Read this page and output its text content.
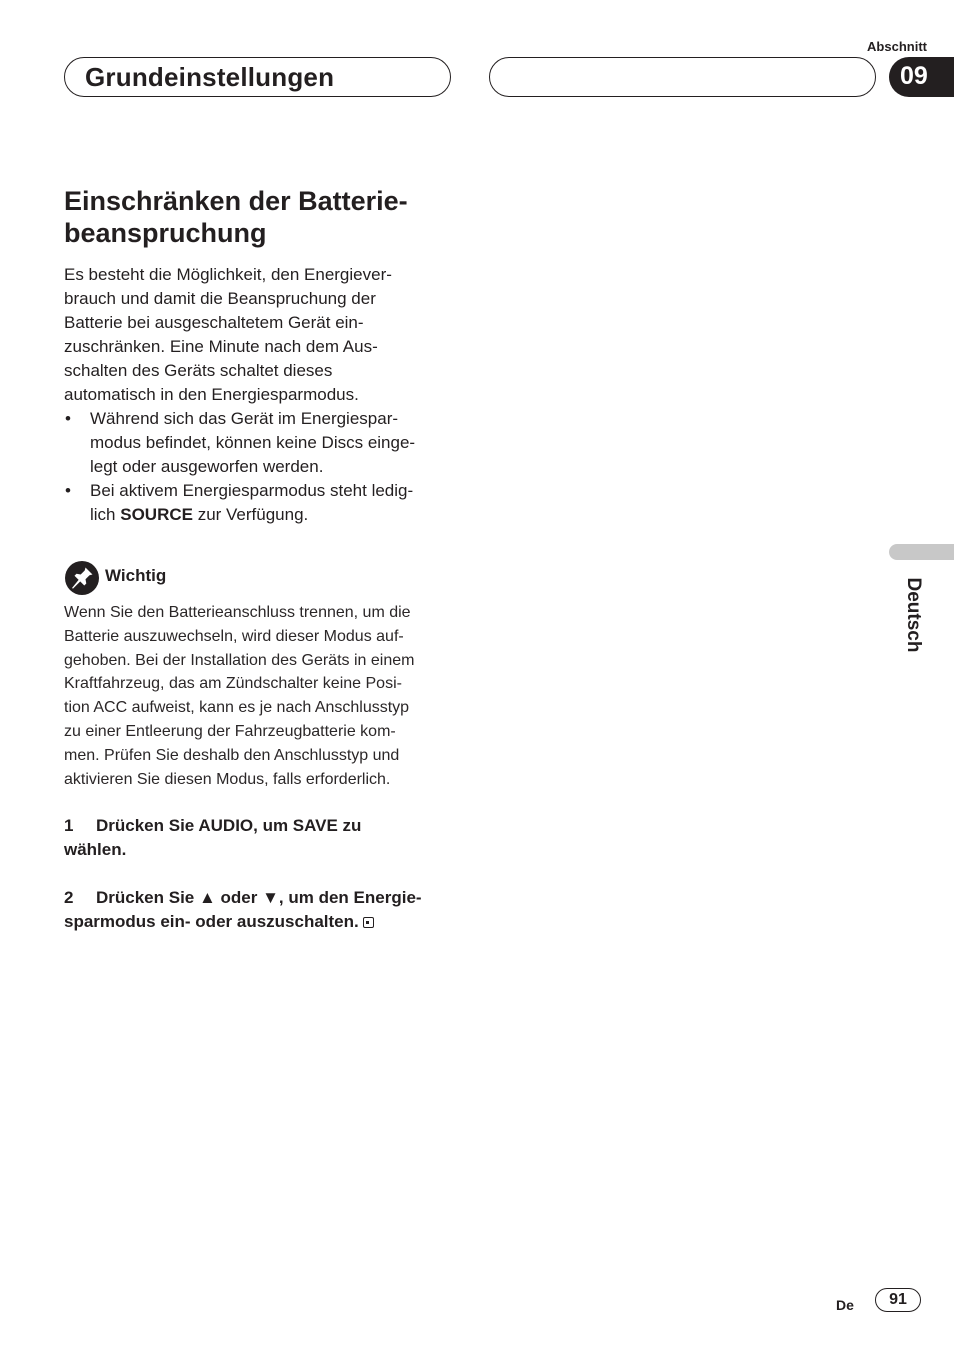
Grundeinstellungen
Abschnitt
09
Deutsch
Einschränken der Batterie-
beanspruchung
Es besteht die Möglichkeit, den Energiever-
brauch und damit die Beanspruchung der
Batterie bei ausgeschaltetem Gerät ein-
zuschränken. Eine Minute nach dem Aus-
schalten des Geräts schaltet dieses
automatisch in den Energiesparmodus.
• Während sich das Gerät im Energiespar-
modus befindet, können keine Discs einge-
legt oder ausgeworfen werden.
• Bei aktivem Energiesparmodus steht ledig-
lich SOURCE zur Verfügung.
Wichtig
Wenn Sie den Batterieanschluss trennen, um die
Batterie auszuwechseln, wird dieser Modus auf-
gehoben. Bei der Installation des Geräts in einem
Kraftfahrzeug, das am Zündschalter keine Posi-
tion ACC aufweist, kann es je nach Anschlusstyp
zu einer Entleerung der Fahrzeugbatterie kom-
men. Prüfen Sie deshalb den Anschlusstyp und
aktivieren Sie diesen Modus, falls erforderlich.
1 Drücken Sie AUDIO, um SAVE zu
wählen.
2 Drücken Sie ▲ oder ▼, um den Energie-
sparmodus ein- oder auszuschalten.
De	91
